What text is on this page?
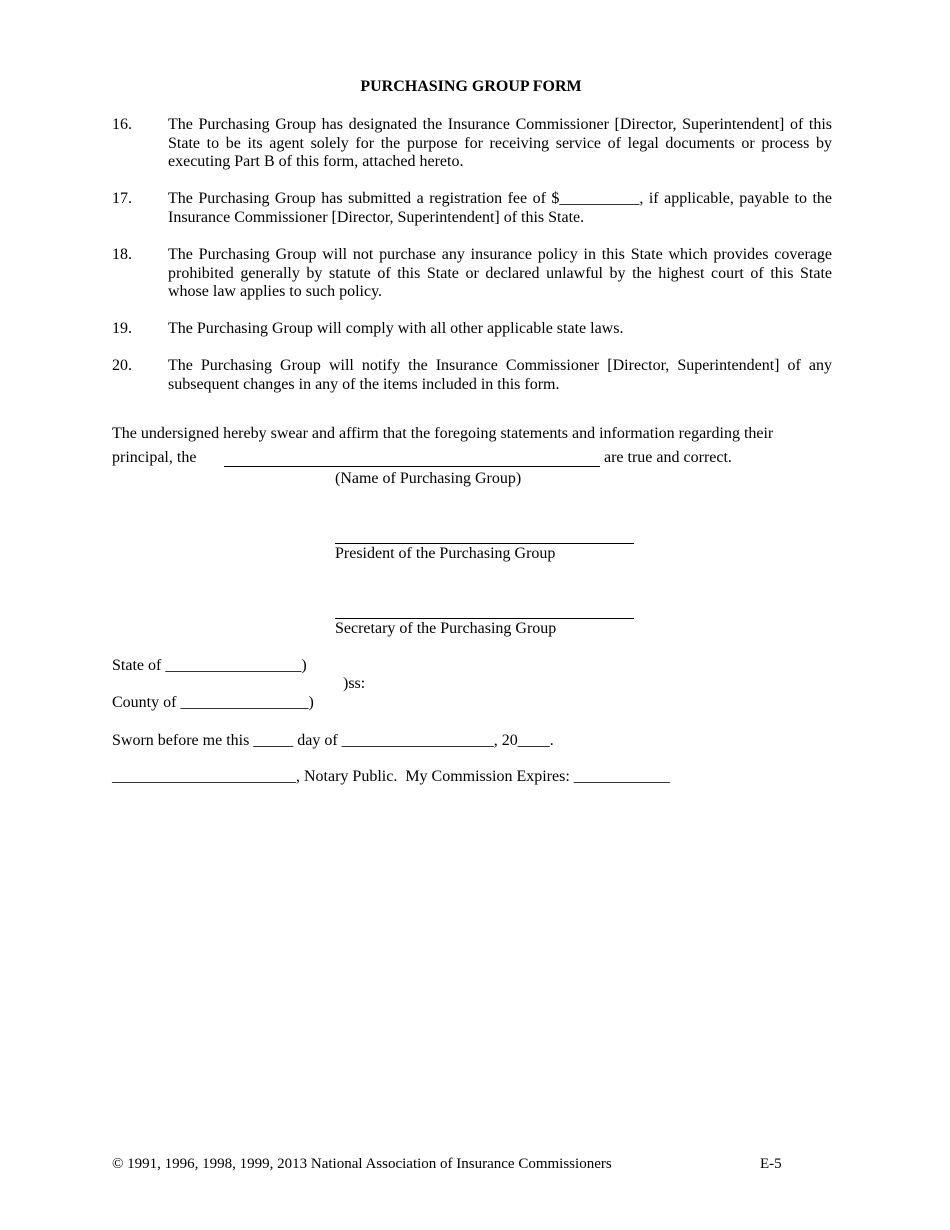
PURCHASING GROUP FORM
16. The Purchasing Group has designated the Insurance Commissioner [Director, Superintendent] of this State to be its agent solely for the purpose for receiving service of legal documents or process by executing Part B of this form, attached hereto.
17. The Purchasing Group has submitted a registration fee of $__________, if applicable, payable to the Insurance Commissioner [Director, Superintendent] of this State.
18. The Purchasing Group will not purchase any insurance policy in this State which provides coverage prohibited generally by statute of this State or declared unlawful by the highest court of this State whose law applies to such policy.
19. The Purchasing Group will comply with all other applicable state laws.
20. The Purchasing Group will notify the Insurance Commissioner [Director, Superintendent] of any subsequent changes in any of the items included in this form.
The undersigned hereby swear and affirm that the foregoing statements and information regarding their
principal, the	are true and correct.
(Name of Purchasing Group)
President of the Purchasing Group
Secretary of the Purchasing Group
State of _________________)
)ss:
County of ________________)
Sworn before me this _____ day of ___________________, 20____.
_______________________, Notary Public.  My Commission Expires: ____________
© 1991, 1996, 1998, 1999, 2013 National Association of Insurance Commissioners	E-5
